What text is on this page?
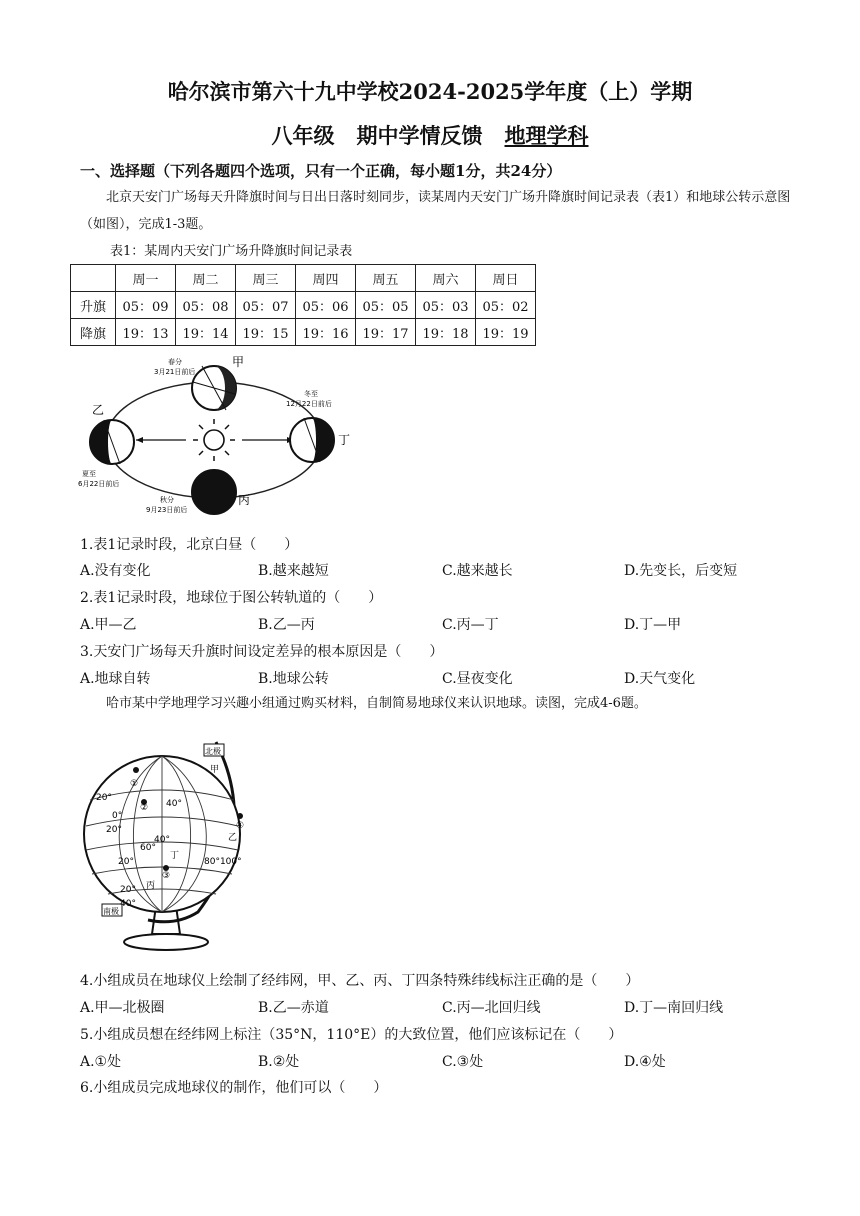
哈尔滨市第六十九中学校2024-2025学年度（上）学期
八年级 期中学情反馈 地理学科
一、选择题（下列各题四个选项，只有一个正确，每小题1分，共24分）
北京天安门广场每天升降旗时间与日出日落时刻同步，读某周内天安门广场升降旗时间记录表（表1）和地球公转示意图（如图），完成1-3题。
表1：某周内天安门广场升降旗时间记录表
	周一	周二	周三	周四	周五	周六	周日
升旗	05：09	05：08	05：07	05：06	05：05	05：03	05：02
降旗	19：13	19：14	19：15	19：16	19：17	19：18	19：19
甲
春分
3月21日前后
乙
夏至
6月22日前后
丁
冬至
12月22日前后
丙
秋分
9月23日前后
1.表1记录时段，北京白昼（　　）
A.没有变化	B.越来越短	C.越来越长	D.先变长，后变短
2.表1记录时段，地球位于图公转轨道的（　　）
A.甲—乙	B.乙—丙	C.丙—丁	D.丁—甲
3.天安门广场每天升旗时间设定差异的根本原因是（　　）
A.地球自转	B.地球公转	C.昼夜变化	D.天气变化
哈市某中学地理学习兴趣小组通过购买材料，自制简易地球仪来认识地球。读图，完成4-6题。
北极
南极
甲
乙
丁
丙
①
②
③
④
20°
0°
20°
40°
60°
20°
40°
20°
40°
80°100°
4.小组成员在地球仪上绘制了经纬网，甲、乙、丙、丁四条特殊纬线标注正确的是（　　）
A.甲—北极圈	B.乙—赤道	C.丙—北回归线	D.丁—南回归线
5.小组成员想在经纬网上标注（35°N，110°E）的大致位置，他们应该标记在（　　）
A.①处	B.②处	C.③处	D.④处
6.小组成员完成地球仪的制作，他们可以（　　）
